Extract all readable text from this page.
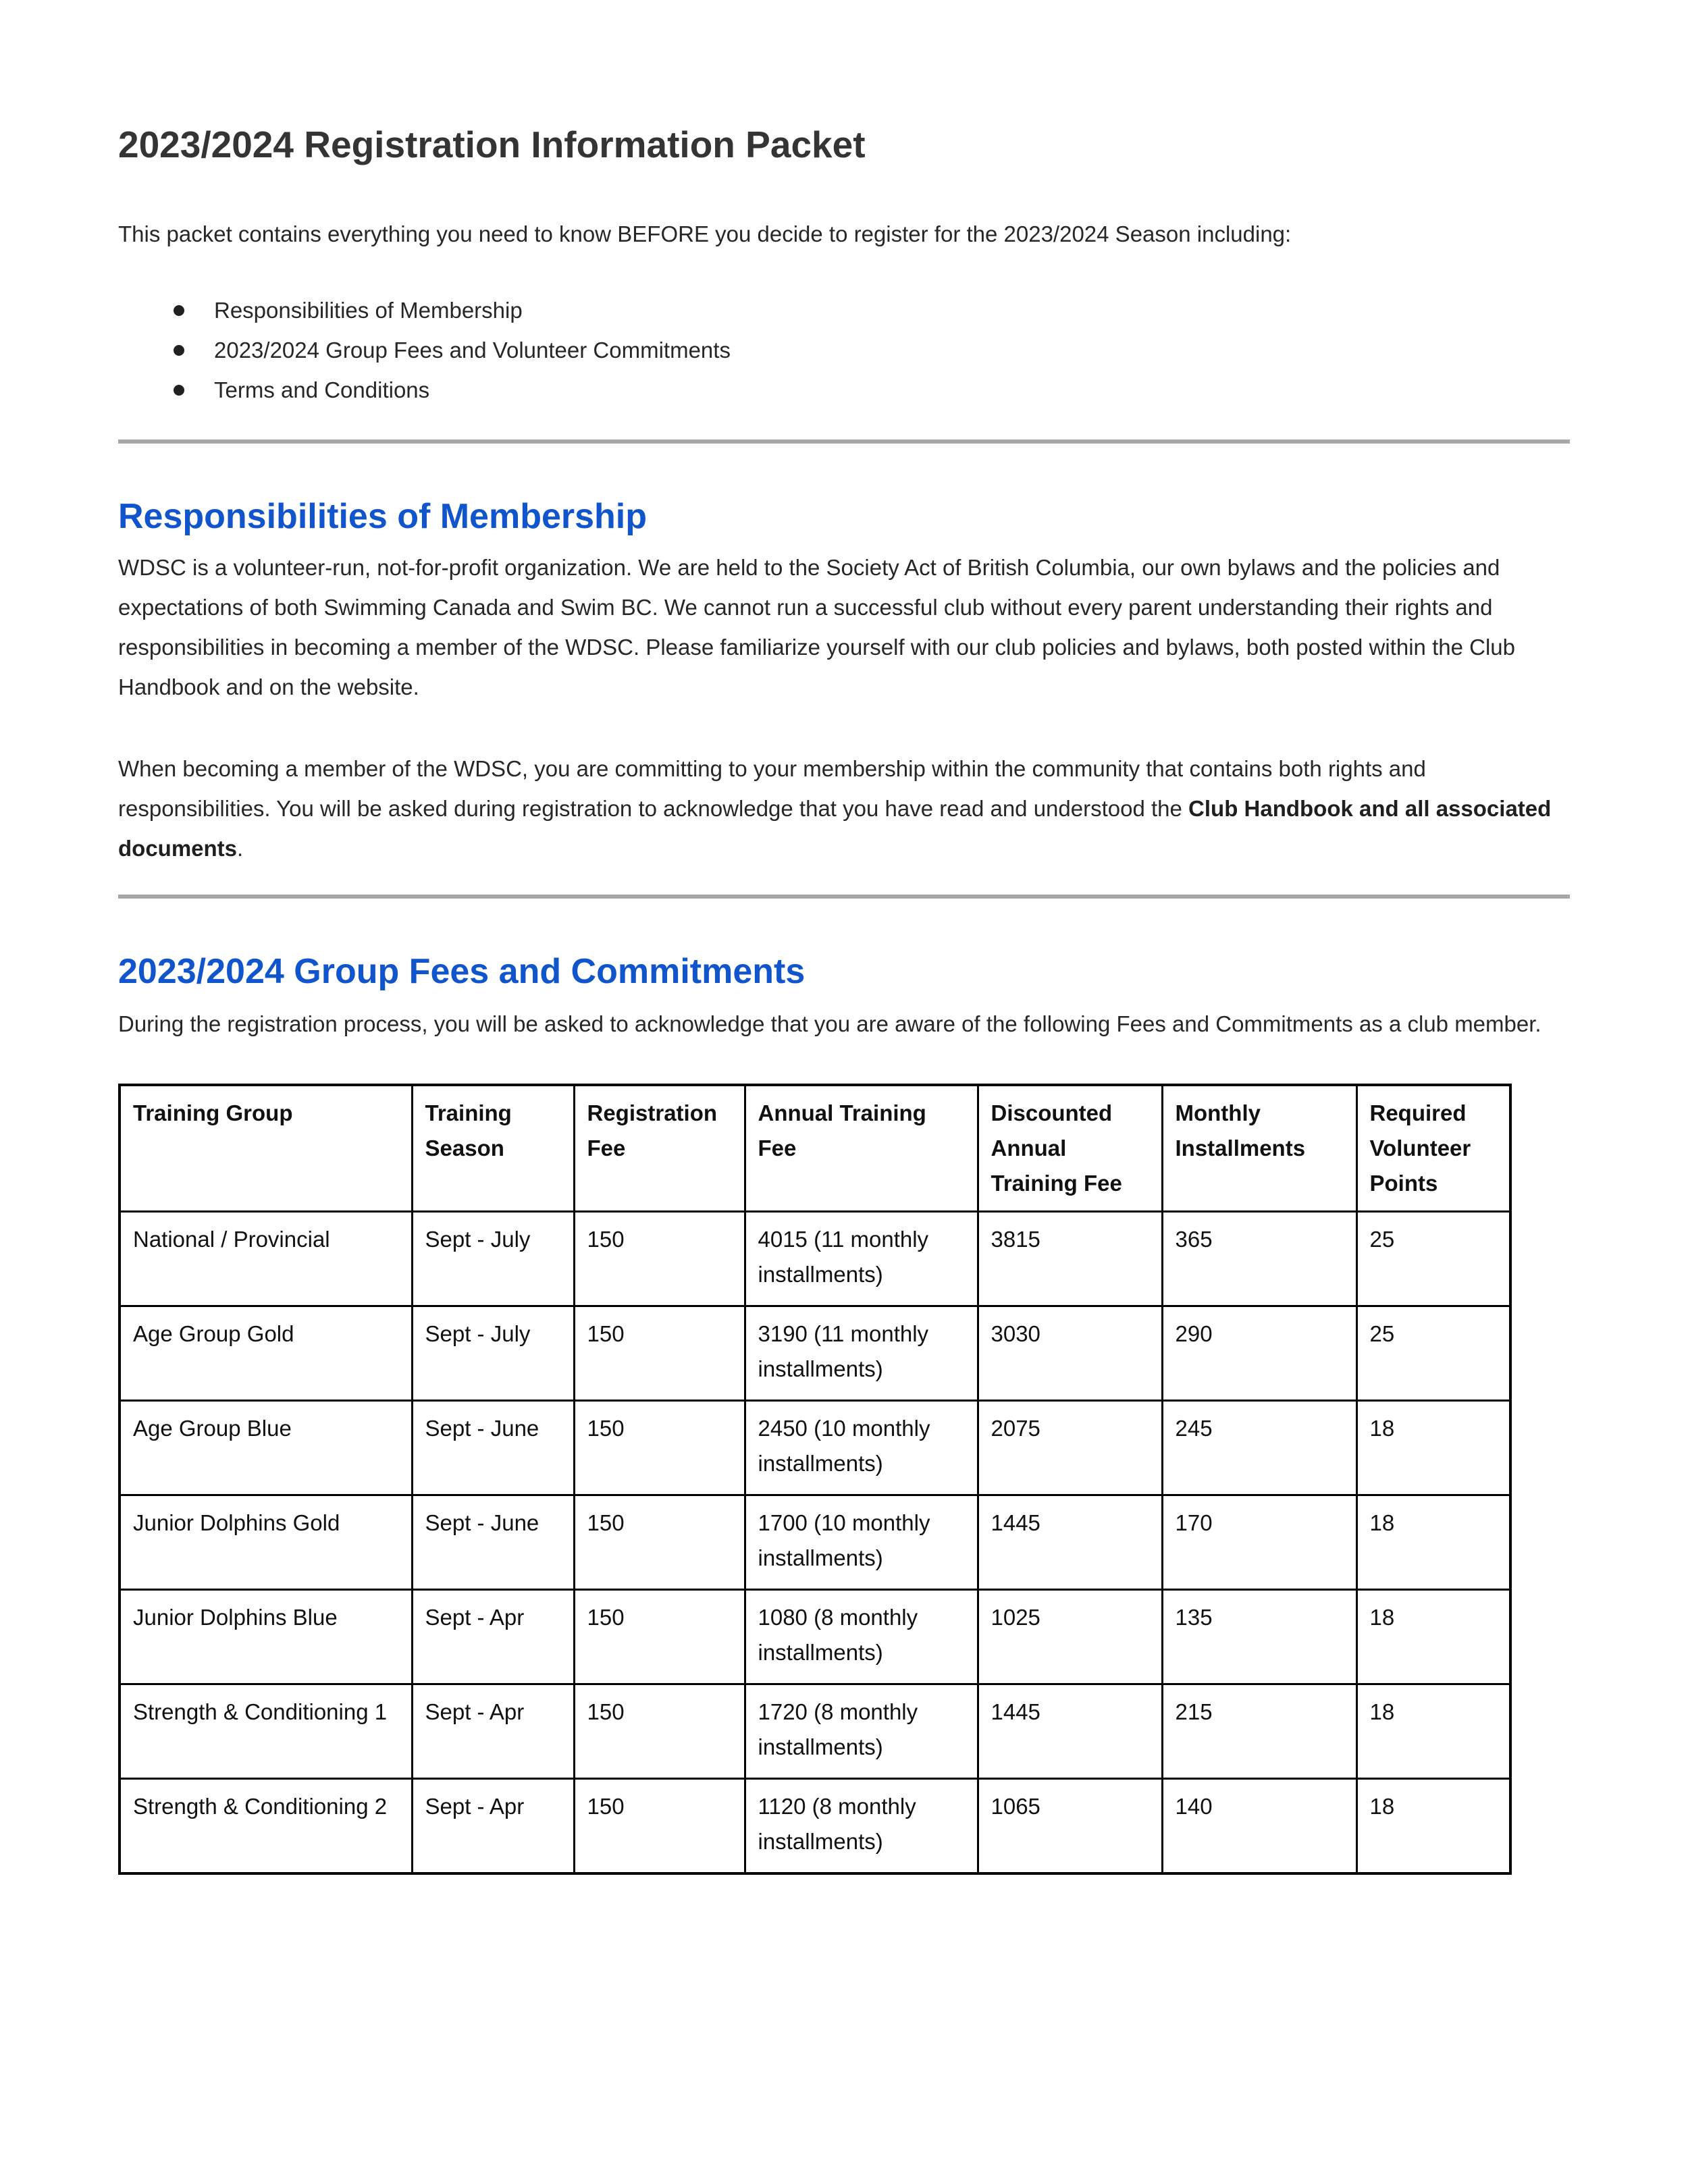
2023/2024 Registration Information Packet

This packet contains everything you need to know BEFORE you decide to register for the 2023/2024 Season including:

Responsibilities of Membership
2023/2024 Group Fees and Volunteer Commitments
Terms and Conditions
Responsibilities of Membership

WDSC is a volunteer-run, not-for-profit organization. We are held to the Society Act of British Columbia, our own bylaws and the policies and expectations of both Swimming Canada and Swim BC. We cannot run a successful club without every parent understanding their rights and responsibilities in becoming a member of the WDSC. Please familiarize yourself with our club policies and bylaws, both posted within the Club Handbook and on the website.

When becoming a member of the WDSC, you are committing to your membership within the community that contains both rights and responsibilities. You will be asked during registration to acknowledge that you have read and understood the Club Handbook and all associated documents.

2023/2024 Group Fees and Commitments

During the registration process, you will be asked to acknowledge that you are aware of the following Fees and Commitments as a club member.

Training Group	Training Season	Registration Fee	Annual Training Fee	Discounted Annual Training Fee	Monthly Installments	Required Volunteer Points
National / Provincial	Sept - July	150	4015 (11 monthly installments)	3815	365	25
Age Group Gold	Sept - July	150	3190 (11 monthly installments)	3030	290	25
Age Group Blue	Sept - June	150	2450 (10 monthly installments)	2075	245	18
Junior Dolphins Gold	Sept - June	150	1700 (10 monthly installments)	1445	170	18
Junior Dolphins Blue	Sept - Apr	150	1080 (8 monthly installments)	1025	135	18
Strength & Conditioning 1	Sept - Apr	150	1720 (8 monthly installments)	1445	215	18
Strength & Conditioning 2	Sept - Apr	150	1120 (8 monthly installments)	1065	140	18
